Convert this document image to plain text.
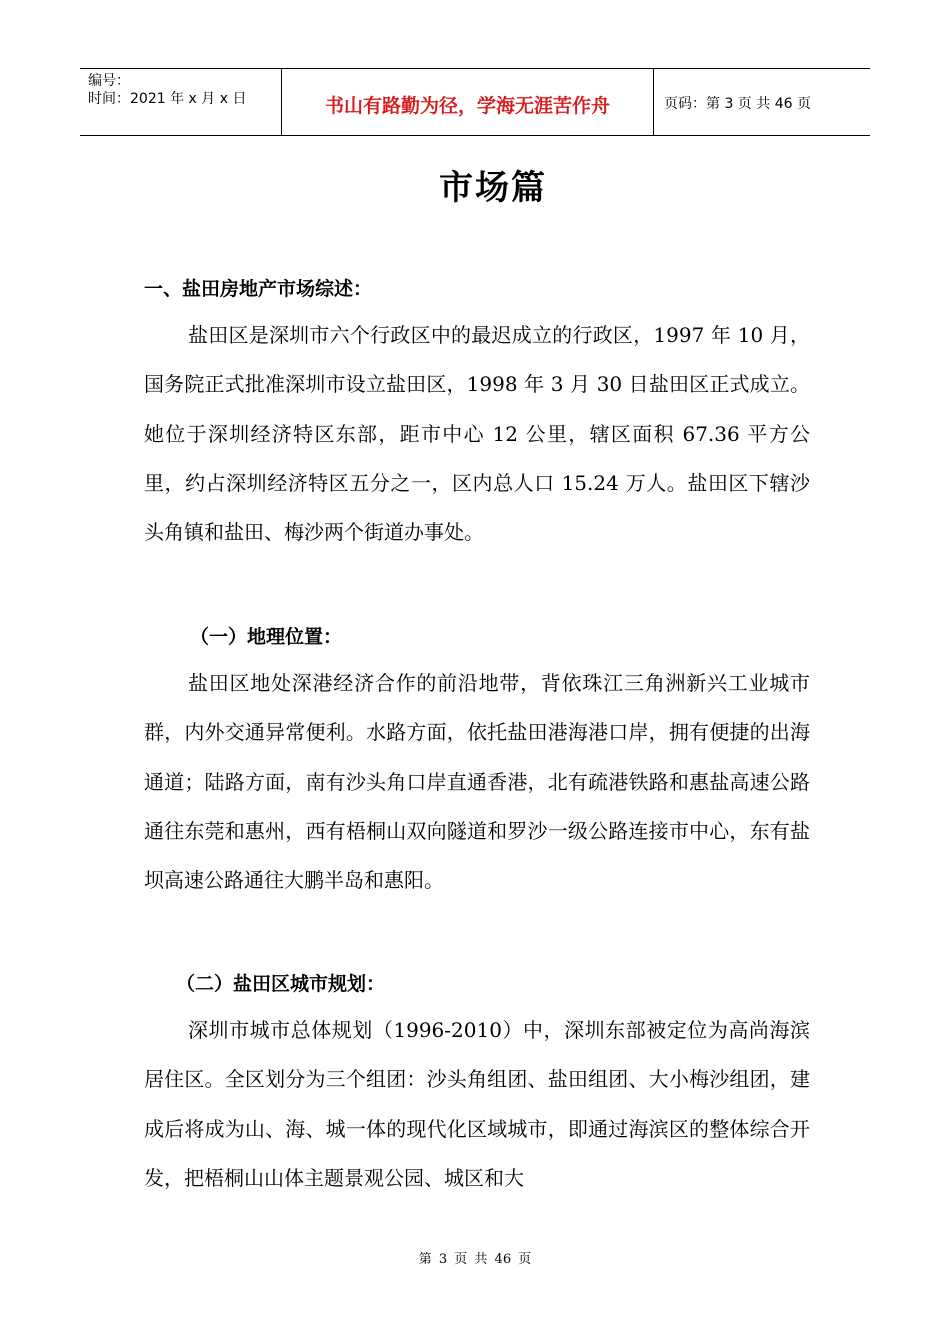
编号：
时间：2021 年 x 月 x 日	书山有路勤为径，学海无涯苦作舟	页码：第 3 页 共 46 页
市场篇
一、盐田房地产市场综述：

盐田区是深圳市六个行政区中的最迟成立的行政区，1997 年 10 月，国务院正式批准深圳市设立盐田区，1998 年 3 月 30 日盐田区正式成立。她位于深圳经济特区东部，距市中心 12 公里，辖区面积 67.36 平方公里，约占深圳经济特区五分之一，区内总人口 15.24 万人。盐田区下辖沙头角镇和盐田、梅沙两个街道办事处。

（一）地理位置：

盐田区地处深港经济合作的前沿地带，背依珠江三角洲新兴工业城市群，内外交通异常便利。水路方面，依托盐田港海港口岸，拥有便捷的出海通道；陆路方面，南有沙头角口岸直通香港，北有疏港铁路和惠盐高速公路通往东莞和惠州，西有梧桐山双向隧道和罗沙一级公路连接市中心，东有盐坝高速公路通往大鹏半岛和惠阳。

（二）盐田区城市规划：

深圳市城市总体规划（1996-2010）中，深圳东部被定位为高尚海滨居住区。全区划分为三个组团：沙头角组团、盐田组团、大小梅沙组团，建成后将成为山、海、城一体的现代化区域城市，即通过海滨区的整体综合开发，把梧桐山山体主题景观公园、城区和大

第 3 页 共 46 页
